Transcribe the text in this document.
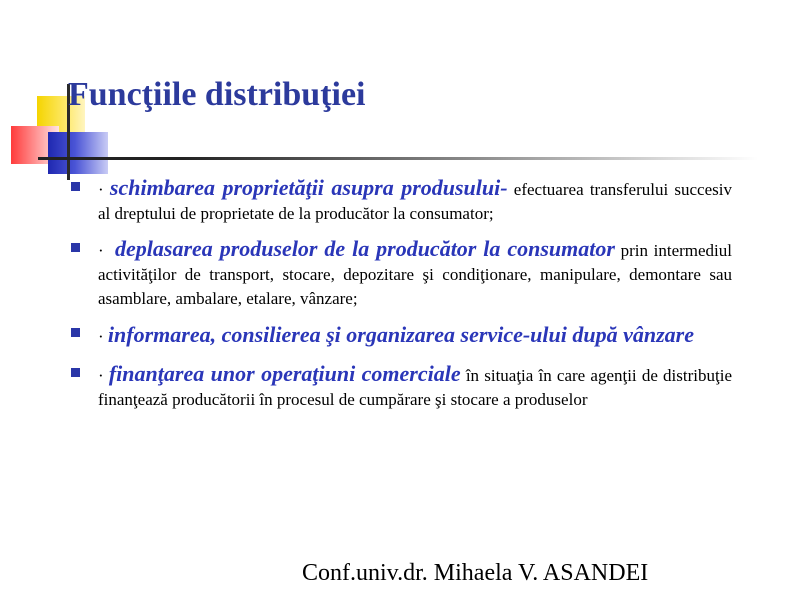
Funcţiile distribuţiei

· schimbarea proprietăţii asupra produsului- efectuarea transferului succesiv al dreptului de proprietate de la producător la consumator;

· deplasarea produselor de la producător la consumator prin intermediul activităţilor de transport, stocare, depozitare şi condiţionare, manipulare, demontare sau asamblare, ambalare, etalare, vânzare;

· informarea, consilierea şi organizarea service-ului după vânzare

· finanţarea unor operaţiuni comerciale în situaţia în care agenţii de distribuţie finanţează producătorii în procesul de cumpărare şi stocare a produselor

Conf.univ.dr. Mihaela V. ASANDEI
